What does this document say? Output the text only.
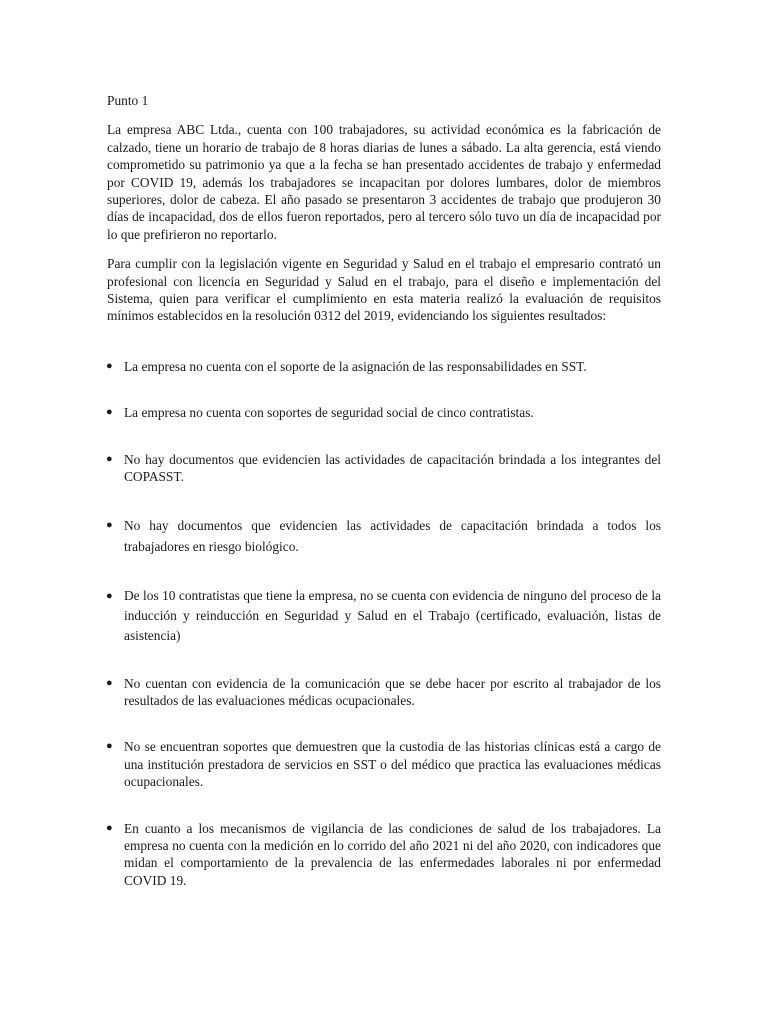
Punto 1

La empresa ABC Ltda., cuenta con 100 trabajadores, su actividad económica es la fabricación de calzado, tiene un horario de trabajo de 8 horas diarias de lunes a sábado. La alta gerencia, está viendo comprometido su patrimonio ya que a la fecha se han presentado accidentes de trabajo y enfermedad por COVID 19, además los trabajadores se incapacitan por dolores lumbares, dolor de miembros superiores, dolor de cabeza. El año pasado se presentaron 3 accidentes de trabajo que produjeron 30 días de incapacidad, dos de ellos fueron reportados, pero al tercero sólo tuvo un día de incapacidad por lo que prefirieron no reportarlo.

Para cumplir con la legislación vigente en Seguridad y Salud en el trabajo el empresario contrató un profesional con licencia en Seguridad y Salud en el trabajo, para el diseño e implementación del Sistema, quien para verificar el cumplimiento en esta materia realizó la evaluación de requisitos mínimos establecidos en la resolución 0312 del 2019, evidenciando los siguientes resultados:

● La empresa no cuenta con el soporte de la asignación de las responsabilidades en SST.
● La empresa no cuenta con soportes de seguridad social de cinco contratistas.
● No hay documentos que evidencien las actividades de capacitación brindada a los integrantes del COPASST.
● No hay documentos que evidencien las actividades de capacitación brindada a todos los trabajadores en riesgo biológico.
● De los 10 contratistas que tiene la empresa, no se cuenta con evidencia de ninguno del proceso de la inducción y reinducción en Seguridad y Salud en el Trabajo (certificado, evaluación, listas de asistencia)
● No cuentan con evidencia de la comunicación que se debe hacer por escrito al trabajador de los resultados de las evaluaciones médicas ocupacionales.
● No se encuentran soportes que demuestren que la custodia de las historias clínicas está a cargo de una institución prestadora de servicios en SST o del médico que practica las evaluaciones médicas ocupacionales.
● En cuanto a los mecanismos de vigilancia de las condiciones de salud de los trabajadores. La empresa no cuenta con la medición en lo corrido del año 2021 ni del año 2020, con indicadores que midan el comportamiento de la prevalencia de las enfermedades laborales ni por enfermedad COVID 19.
